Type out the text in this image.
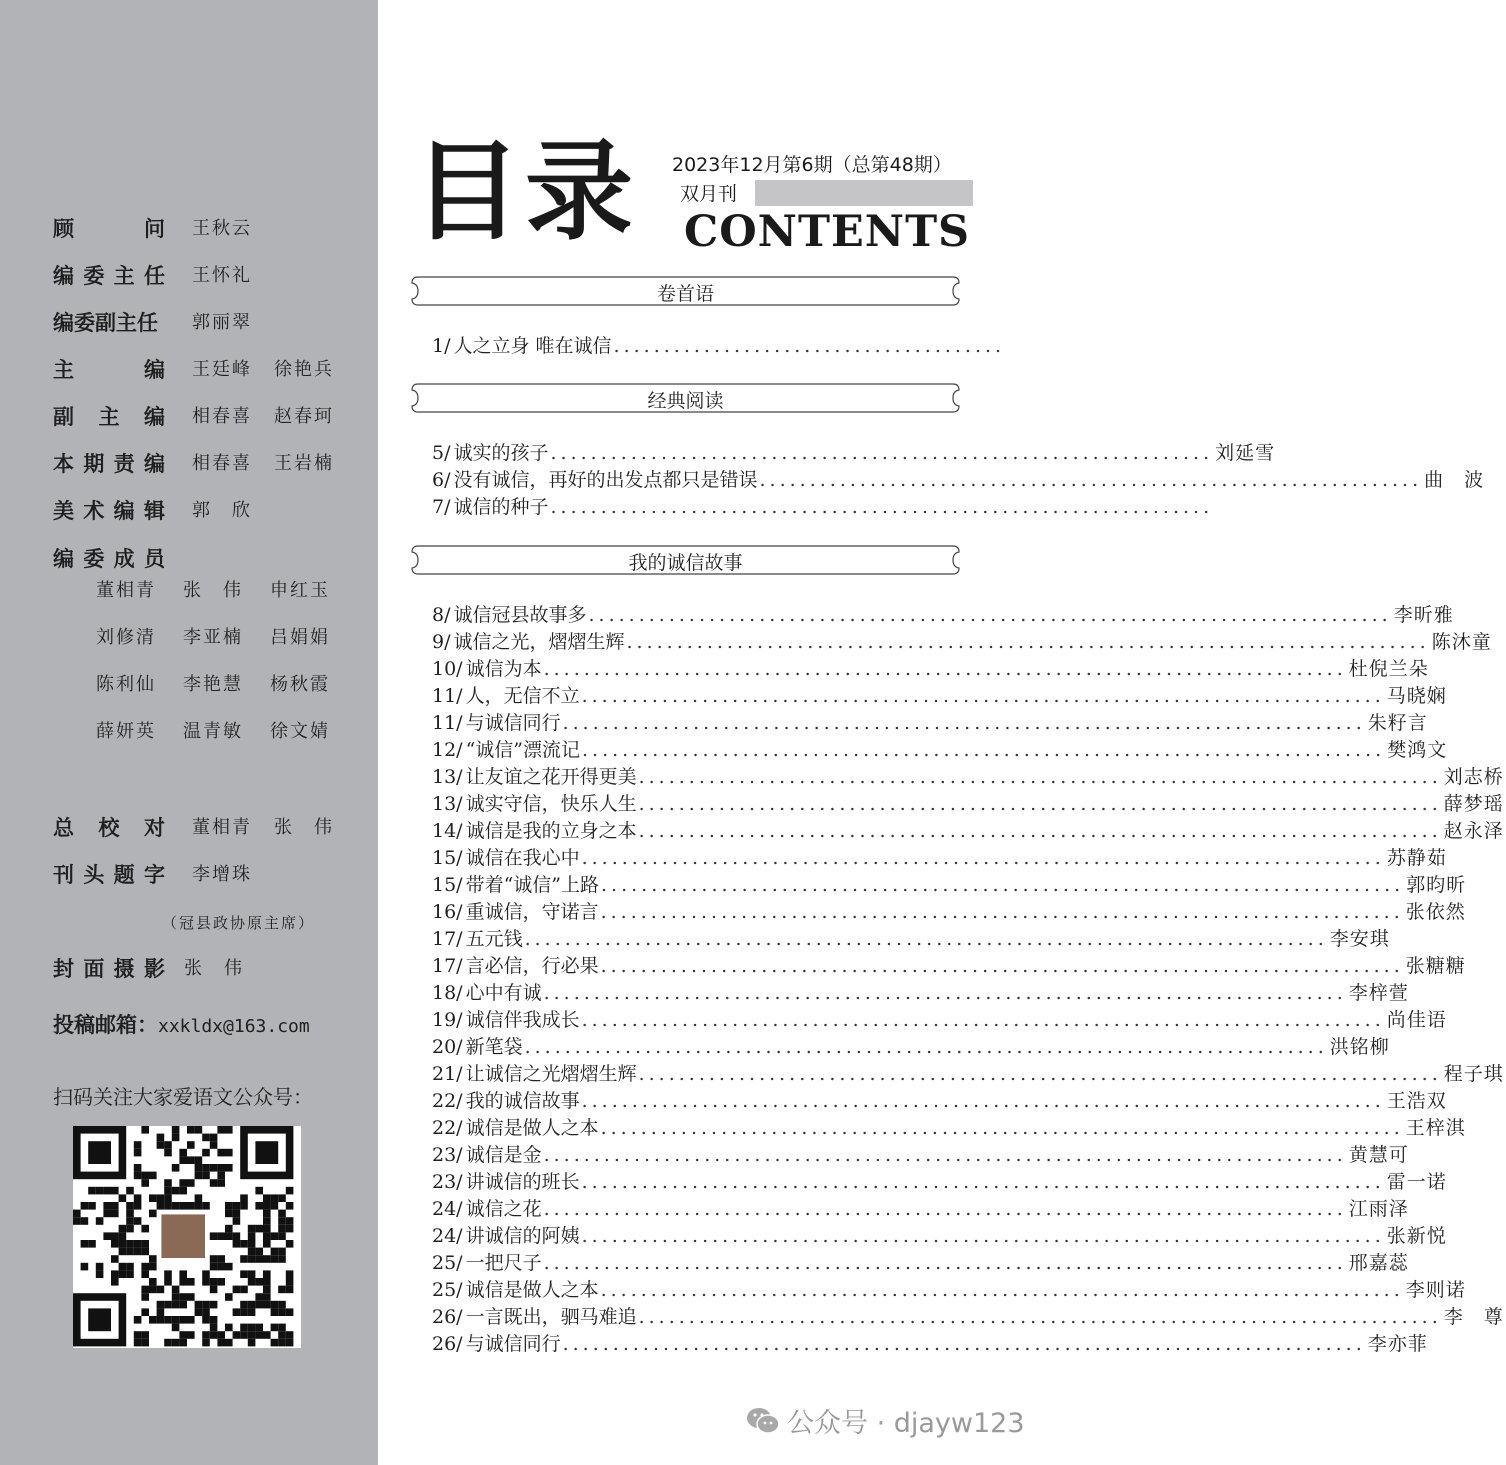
顾　问 王秋云
编委主任 王怀礼
编委副主任 郭丽翠
主　编 王廷峰 徐艳兵
副主编 相春喜 赵春珂
本期责编 相春喜 王岩楠
美术编辑 郭　欣
编委成员
董相青 张　伟 申红玉
刘修清 李亚楠 吕娟娟
陈利仙 李艳慧 杨秋霞
薛妍英 温青敏 徐文婧
总校对 董相青 张　伟
刊头题字 李增珠
（冠县政协原主席）
封面摄影 张　伟
投稿邮箱：xxkldx@163.com
扫码关注大家爱语文公众号：
目录 2023年12月第6期（总第48期）
双月刊
CONTENTS
卷首语
1/ 人之立身 唯在诚信 .......................................
经典阅读
5/ 诚实的孩子 .................................................................. 刘延雪
6/ 没有诚信，再好的出发点都只是错误 .................................................................. 曲　波
7/ 诚信的种子 ..................................................................
我的诚信故事
8/ 诚信冠县故事多 ................................................................................ 李昕雅
9/ 诚信之光，熠熠生辉 ................................................................................ 陈沐童
10/ 诚信为本 ................................................................................ 杜倪兰朵
11/ 人，无信不立 ................................................................................ 马晓娴
11/ 与诚信同行 ................................................................................ 朱籽言
12/ “诚信”漂流记 ................................................................................ 樊鸿文
13/ 让友谊之花开得更美 ................................................................................ 刘志桥
13/ 诚实守信，快乐人生 ................................................................................ 薛梦瑶
14/ 诚信是我的立身之本 ................................................................................ 赵永泽
15/ 诚信在我心中 ................................................................................ 苏静茹
15/ 带着“诚信”上路 ................................................................................ 郭昀昕
16/ 重诚信，守诺言 ................................................................................ 张依然
17/ 五元钱 ................................................................................ 李安琪
17/ 言必信，行必果 ................................................................................ 张糖糖
18/ 心中有诚 ................................................................................ 李梓萱
19/ 诚信伴我成长 ................................................................................ 尚佳语
20/ 新笔袋 ................................................................................ 洪铭柳
21/ 让诚信之光熠熠生辉 ................................................................................ 程子琪
22/ 我的诚信故事 ................................................................................ 王浩双
22/ 诚信是做人之本 ................................................................................ 王梓淇
23/ 诚信是金 ................................................................................ 黄慧可
23/ 讲诚信的班长 ................................................................................ 雷一诺
24/ 诚信之花 ................................................................................ 江雨泽
24/ 讲诚信的阿姨 ................................................................................ 张新悦
25/ 一把尺子 ................................................................................ 邢嘉蕊
25/ 诚信是做人之本 ................................................................................ 李则诺
26/ 一言既出，驷马难追 ................................................................................ 李　尊
26/ 与诚信同行 ................................................................................ 李亦菲
公众号 · djayw123
